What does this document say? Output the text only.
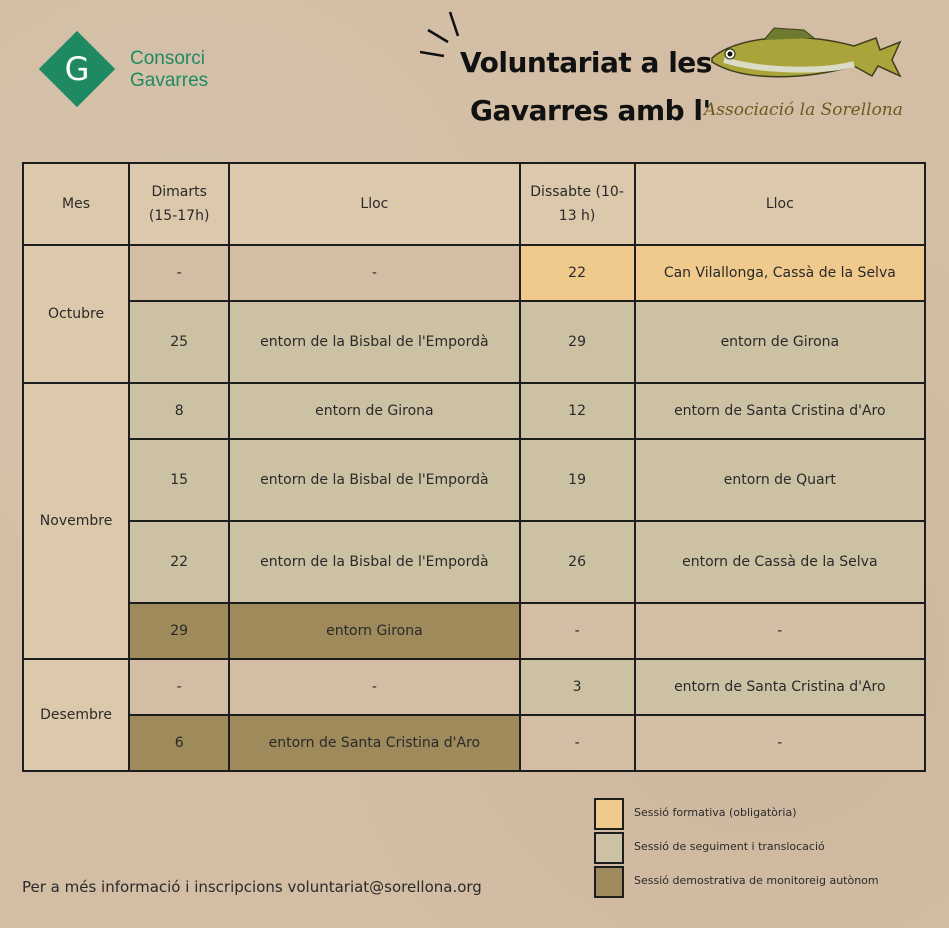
G	Consorci
Gavarres
Voluntariat a les
Gavarres amb l'
Associació la Sorellona
Mes	Dimarts (15-17h)	Lloc	Dissabte (10-13 h)	Lloc
Octubre	-	-	22	Can Vilallonga, Cassà de la Selva
	25	entorn de la Bisbal de l'Empordà	29	entorn de Girona
Novembre	8	entorn de Girona	12	entorn de Santa Cristina d'Aro
	15	entorn de la Bisbal de l'Empordà	19	entorn de Quart
	22	entorn de la Bisbal de l'Empordà	26	entorn de Cassà de la Selva
	29	entorn Girona	-	-
Desembre	-	-	3	entorn de Santa Cristina d'Aro
	6	entorn de Santa Cristina d'Aro	-	-
Sessió formativa (obligatòria)
Sessió de seguiment i translocació
Sessió demostrativa de monitoreig autònom
Per a més informació i inscripcions voluntariat@sorellona.org
